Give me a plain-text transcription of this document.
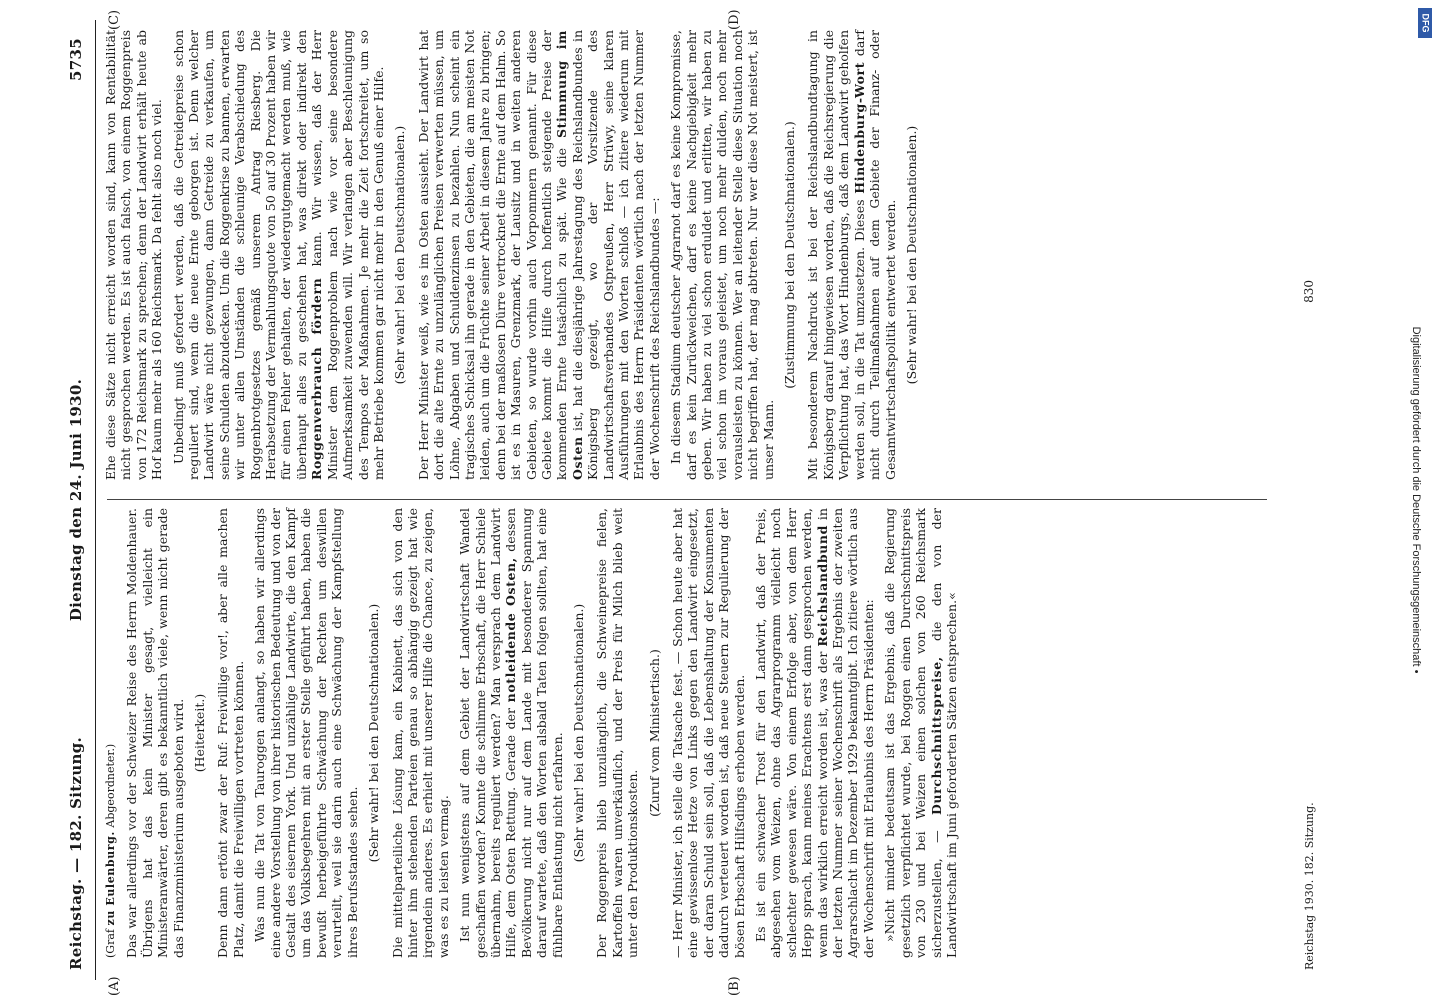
Reichstag. — 182. Sitzung.
Dienstag den 24. Juni 1930.
5735
(A)	(B)
(C)	(D)

(Graf zu Eulenburg. Abgeordneter.) Das war allerdings vor der Schweizer Reise des Herrn Moldenhauer. Übrigens hat das kein Minister gesagt, vielleicht ein Ministeranwärter, deren gibt es bekanntlich viele, wenn nicht gerade das Finanzministerium ausgeboten wird. (Heiterkeit.) Denn dann ertönt zwar der Ruf: Freiwillige vor!, aber alle machen Platz, damit die Freiwilligen vortreten können. Was nun die Tat von Tauroggen anlangt, so haben wir allerdings eine andere Vorstellung von ihrer historischen Bedeutung und von der Gestalt des eisernen York. Und unzählige Landwirte, die den Kampf um das Volksbegehren mit an erster Stelle geführt haben, haben die bewußt herbeigeführte Schwächung der Rechten um deswillen verurteilt, weil sie darin auch eine Schwächung der Kampfstellung ihres Berufsstandes sehen.

(Sehr wahr! bei den Deutschnationalen.) Die mittelparteiliche Lösung kam, ein Kabinett, das sich von den hinter ihm stehenden Parteien genau so abhängig gezeigt hat wie irgendein anderes. Es erhielt mit unserer Hilfe die Chance, zu zeigen, was es zu leisten vermag. Ist nun wenigstens auf dem Gebiet der Landwirtschaft Wandel geschaffen worden? Konnte die schlimme Erbschaft, die Herr Schiele übernahm, bereits reguliert werden? Man versprach dem Landwirt Hilfe, dem Osten Rettung. Gerade der notleidende Osten, dessen Bevölkerung nicht nur auf dem Lande mit besonderer Spannung darauf wartete, daß den Worten alsbald Taten folgen sollten, hat eine fühlbare Entlastung nicht erfahren. (Sehr wahr! bei den Deutschnationalen.) Der Roggenpreis blieb unzulänglich, die Schweinepreise fielen, Kartoffeln waren unverkäuflich, und der Preis für Milch blieb weit unter den Produktionskosten.

(Zuruf vom Ministertisch.) — Herr Minister, ich stelle die Tatsache fest. — Schon heute aber hat eine gewissenlose Hetze von Links gegen den Landwirt eingesetzt, der daran Schuld sein soll, daß die Lebenshaltung der Konsumenten dadurch verteuert worden ist, daß neue Steuern zur Regulierung der bösen Erbschaft Hilfsdings erhoben werden. Es ist ein schwacher Trost für den Landwirt, daß der Preis, abgesehen vom Weizen, ohne das Agrarprogramm vielleicht noch schlechter gewesen wäre. Von einem Erfolge aber, von dem Herr Hepp sprach, kann meines Erachtens erst dann gesprochen werden, wenn das wirklich erreicht worden ist, was der Reichslandbund in der letzten Nummer seiner Wochenschrift als Ergebnis der zweiten Agrarschlacht im Dezember 1929 bekanntgibt. Ich zitiere wörtlich aus der Wochenschrift mit Erlaubnis des Herrn Präsidenten: »Nicht minder bedeutsam ist das Ergebnis, daß die Regierung gesetzlich verpflichtet wurde, bei Roggen einen Durchschnittspreis von 230 und bei Weizen einen solchen von 260 Reichsmark sicherzustellen, — Durchschnittspreise, die den von der Landwirtschaft im Juni geforderten Sätzen entsprechen.«

Ehe diese Sätze nicht erreicht worden sind, kann von Rentabilität nicht gesprochen werden. Es ist auch falsch, von einem Roggenpreis von 172 Reichsmark zu sprechen; denn der Landwirt erhält heute ab Hof kaum mehr als 160 Reichsmark. Da fehlt also noch viel. Unbedingt muß gefordert werden, daß die Getreidepreise schon reguliert sind, wenn die neue Ernte geborgen ist. Denn welcher Landwirt wäre nicht gezwungen, dann Getreide zu verkaufen, um seine Schulden abzudecken. Um die Roggenkrise zu bannen, erwarten wir unter allen Umständen die schleunige Verabschiedung des Roggenbrotgesetzes gemäß unserem Antrag Riesberg. Die Herabsetzung der Vermahlungsquote von 50 auf 30 Prozent haben wir für einen Fehler gehalten, der wiedergutgemacht werden muß, wie überhaupt alles zu geschehen hat, was direkt oder indirekt den Roggenverbrauch fördern kann. Wir wissen, daß der Herr Minister dem Roggenproblem nach wie vor seine besondere Aufmerksamkeit zuwenden will. Wir verlangen aber Beschleunigung des Tempos der Maßnahmen. Je mehr die Zeit fortschreitet, um so mehr Betriebe kommen gar nicht mehr in den Genuß einer Hilfe. (Sehr wahr! bei den Deutschnationalen.) Der Herr Minister weiß, wie es im Osten aussieht. Der Landwirt hat dort die alte Ernte zu unzulänglichen Preisen verwerten müssen, um Löhne, Abgaben und Schuldenzinsen zu bezahlen. Nun scheint ein tragisches Schicksal ihn gerade in den Gebieten, die am meisten Not leiden, auch um die Früchte seiner Arbeit in diesem Jahre zu bringen; denn bei der maßlosen Dürre vertrocknet die Ernte auf dem Halm. So ist es in Masuren, Grenzmark, der Lausitz und in weiten anderen Gebieten, so wurde vorhin auch Vorpommern genannt. Für diese Gebiete kommt die Hilfe durch hoffentlich steigende Preise der kommenden Ernte tatsächlich zu spät. Wie die Stimmung im Osten ist, hat die diesjährige Jahrestagung des Reichslandbundes in Königsberg gezeigt, wo der Vorsitzende des Landwirtschaftsverbandes Ostpreußen, Herr Strüwy, seine klaren Ausführungen mit den Worten schloß — ich zitiere wiederum mit Erlaubnis des Herrn Präsidenten wörtlich nach der letzten Nummer der Wochenschrift des Reichslandbundes —: In diesem Stadium deutscher Agrarnot darf es keine Kompromisse, darf es kein Zurückweichen, darf es keine Nachgiebigkeit mehr geben. Wir haben zu viel schon erduldet und erlitten, wir haben zu viel schon im voraus geleistet, um noch mehr dulden, noch mehr vorausleisten zu können. Wer an leitender Stelle diese Situation noch nicht begriffen hat, der mag abtreten. Nur wer diese Not meistert, ist unser Mann.

(Zustimmung bei den Deutschnationalen.) Mit besonderem Nachdruck ist bei der Reichslandbundtagung in Königsberg darauf hingewiesen worden, daß die Reichsregierung die Verpflichtung hat, das Wort Hindenburgs, daß dem Landwirt geholfen werden soll, in die Tat umzusetzen. Dieses Hindenburg-Wort darf nicht durch Teilmaßnahmen auf dem Gebiete der Finanz- oder Gesamtwirtschaftspolitik entwertet werden. (Sehr wahr! bei den Deutschnationalen.)

Reichstag 1930. 182. Sitzung.
830
Digitalisierung gefördert durch die Deutsche Forschungsgemeinschaft •
DFG
